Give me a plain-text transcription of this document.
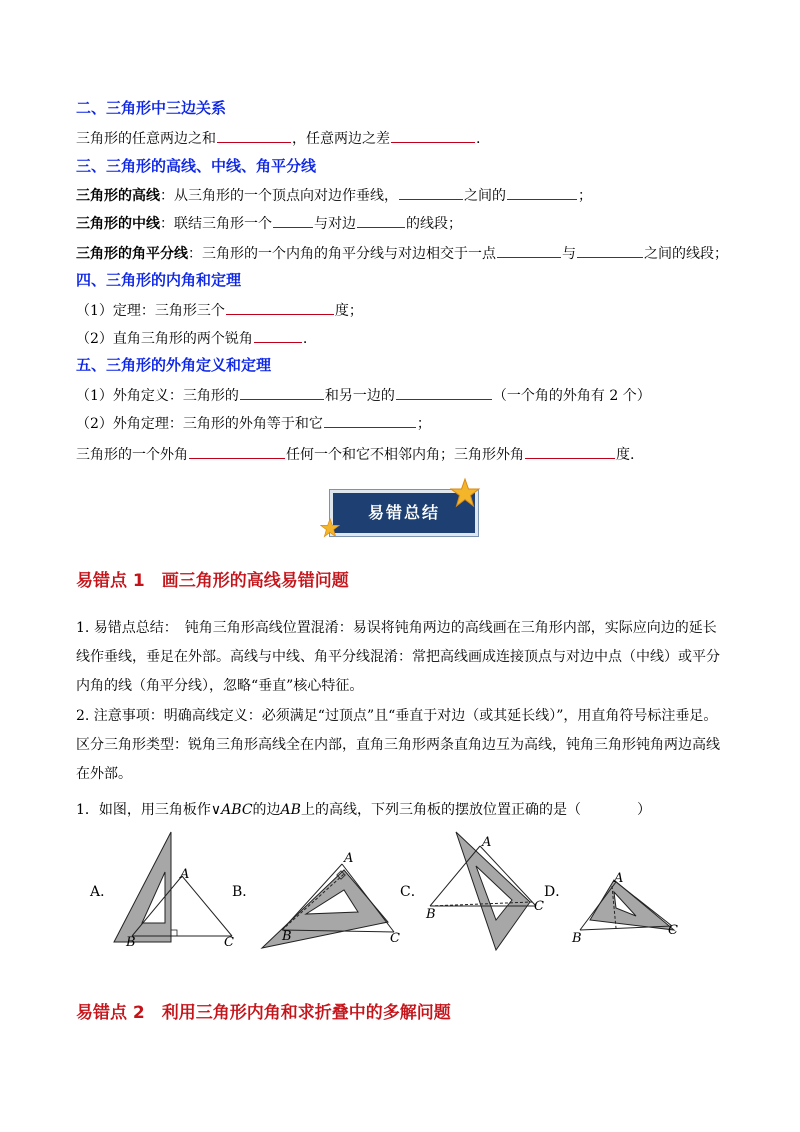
二、三角形中三边关系
三角形的任意两边之和	，任意两边之差	.
三、三角形的高线、中线、角平分线
三角形的高线：从三角形的一个顶点向对边作垂线，	之间的	；
三角形的中线：联结三角形一个	与对边	的线段；
三角形的角平分线：三角形的一个内角的角平分线与对边相交于一点	与	之间的线段；
四、三角形的内角和定理
（1）定理：三角形三个	度；
（2）直角三角形的两个锐角	.
五、三角形的外角定义和定理
（1）外角定义：三角形的	和另一边的	（一个角的外角有 2 个）
（2）外角定理：三角形的外角等于和它	；
三角形的一个外角	任何一个和它不相邻内角；三角形外角	度.
易错总结
易错点 1　画三角形的高线易错问题
1. 易错点总结：　钝角三角形高线位置混淆：易误将钝角两边的高线画在三角形内部，实际应向边的延长线作垂线，垂足在外部。高线与中线、角平分线混淆：常把高线画成连接顶点与对边中点（中线）或平分内角的线（角平分线），忽略“垂直”核心特征。
2. 注意事项：明确高线定义：必须满足“过顶点”且“垂直于对边（或其延长线）”，用直角符号标注垂足。　区分三角形类型：锐角三角形高线全在内部，直角三角形两条直角边互为高线，钝角三角形钝角两边高线在外部。
1．如图，用三角板作∨ABC的边AB上的高线，下列三角板的摆放位置正确的是（　　　　）
A．
A
B	C
B．
A
B	C
C．
A
B
C
D．
A
B
C
易错点 2　利用三角形内角和求折叠中的多解问题
